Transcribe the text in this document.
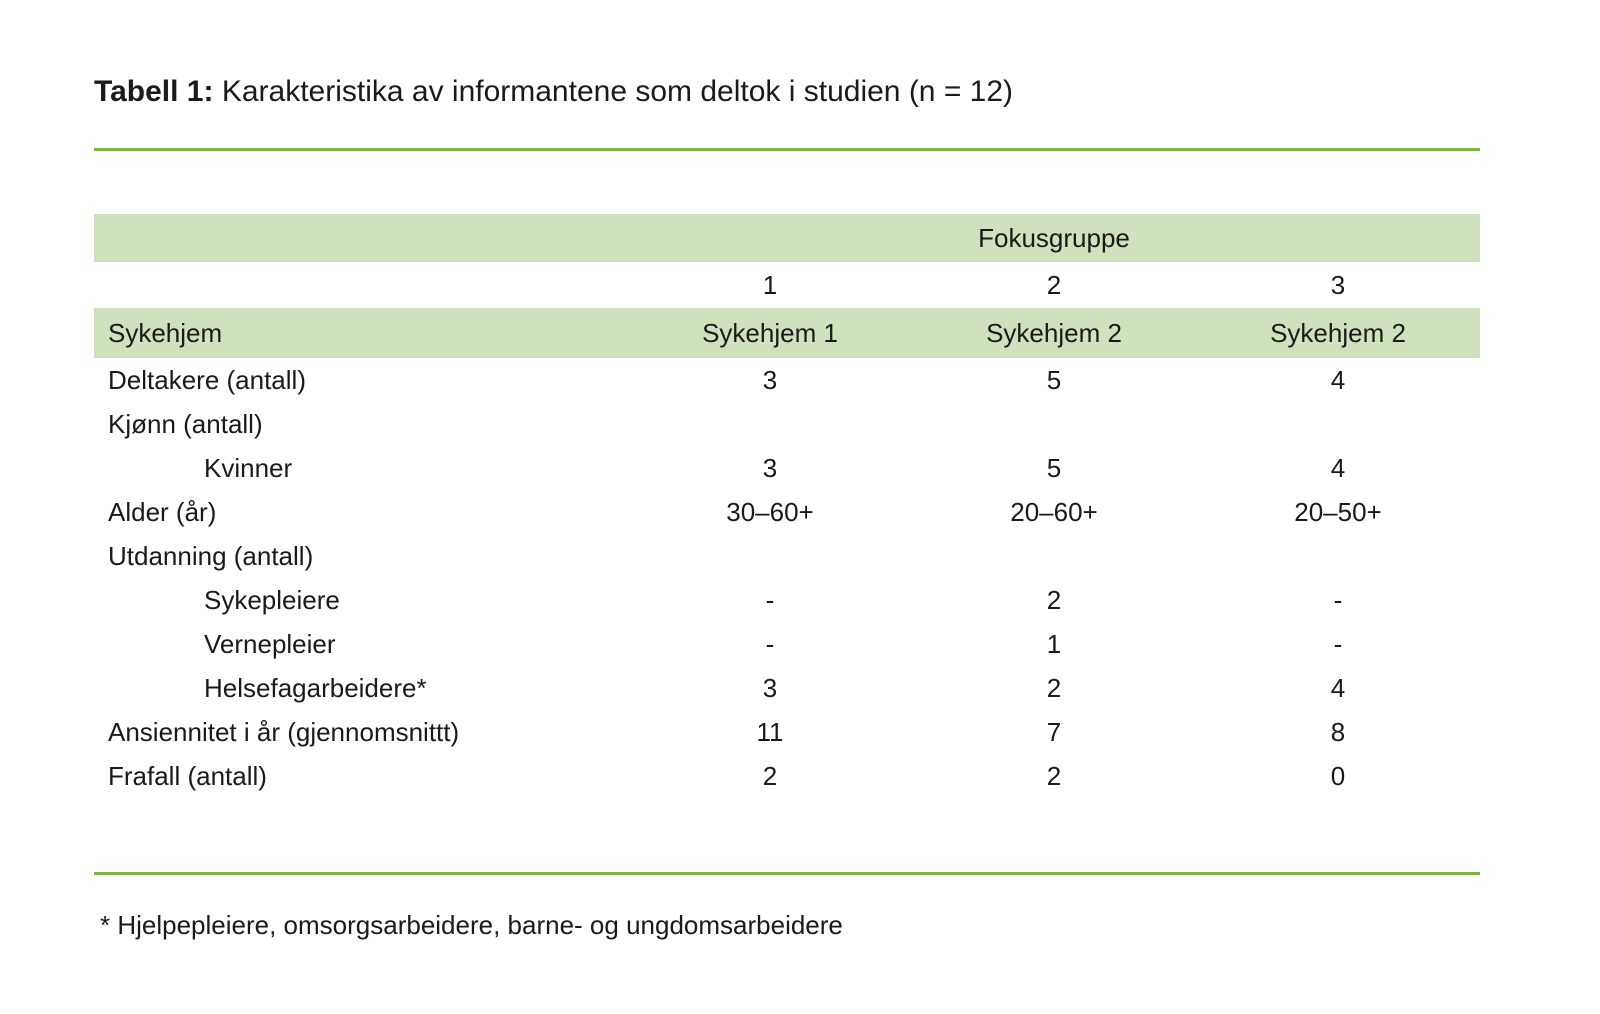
Tabell 1: Karakteristika av informantene som deltok i studien (n = 12)
	Fokusgruppe		
	1	2	3
Sykehjem	Sykehjem 1	Sykehjem 2	Sykehjem 2
Deltakere (antall)	3	5	4
Kjønn (antall)			
Kvinner	3	5	4
Alder (år)	30–60+	20–60+	20–50+
Utdanning (antall)			
Sykepleiere	-	2	-
Vernepleier	-	1	-
Helsefagarbeidere*	3	2	4
Ansiennitet i år (gjennomsnittt)	11	7	8
Frafall (antall)	2	2	0
* Hjelpepleiere, omsorgsarbeidere, barne- og ungdomsarbeidere
